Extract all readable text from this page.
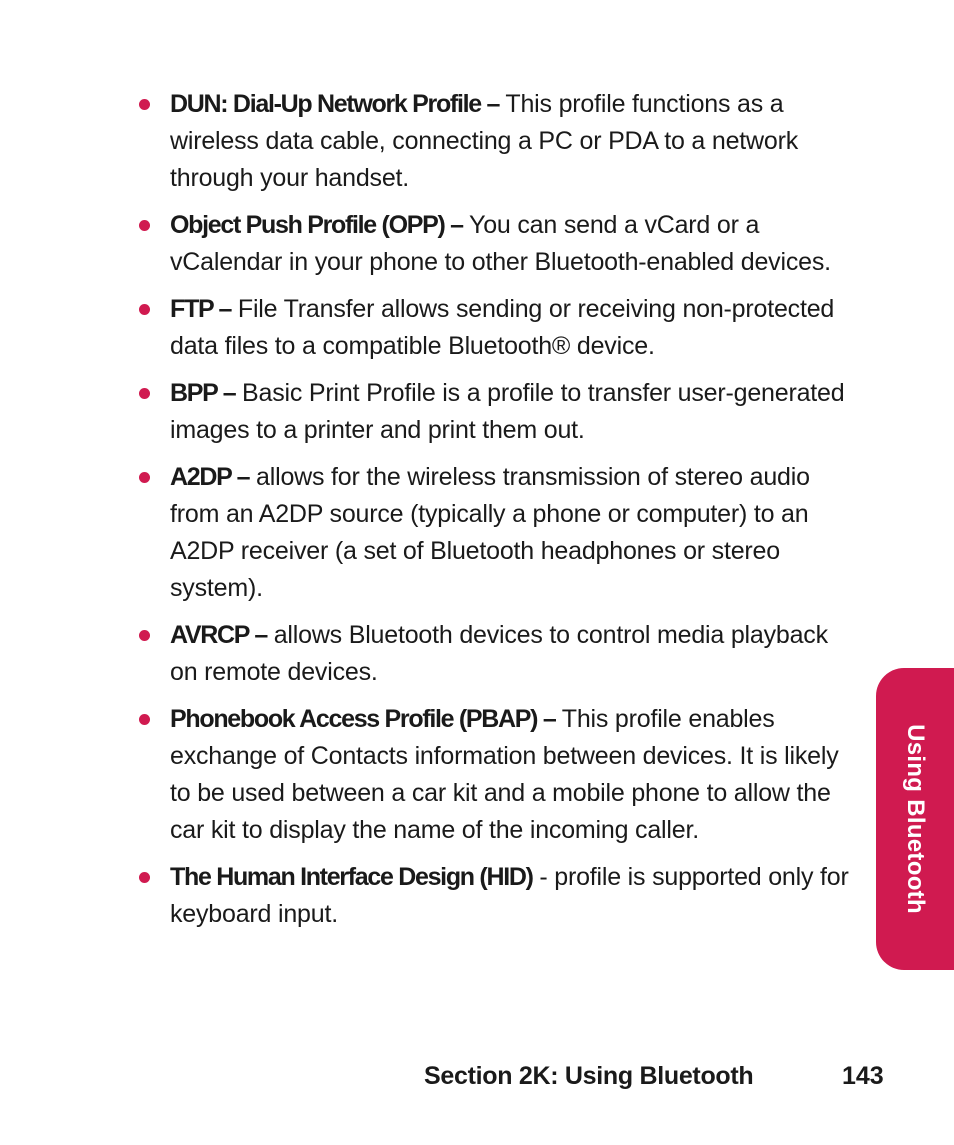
DUN: Dial-Up Network Profile – This profile functions as a wireless data cable, connecting a PC or PDA to a network through your handset.
Object Push Profile (OPP) – You can send a vCard or a vCalendar in your phone to other Bluetooth-enabled devices.
FTP – File Transfer allows sending or receiving non-protected data files to a compatible Bluetooth® device.
BPP – Basic Print Profile is a profile to transfer user-generated images to a printer and print them out.
A2DP – allows for the wireless transmission of stereo audio from an A2DP source (typically a phone or computer) to an A2DP receiver (a set of Bluetooth headphones or stereo system).
AVRCP – allows Bluetooth devices to control media playback on remote devices.
Phonebook Access Profile (PBAP) – This profile enables exchange of Contacts information between devices. It is likely to be used between a car kit and a mobile phone to allow the car kit to display the name of the incoming caller.
The Human Interface Design (HID) - profile is supported only for keyboard input.
Using Bluetooth
Section 2K: Using Bluetooth	143
